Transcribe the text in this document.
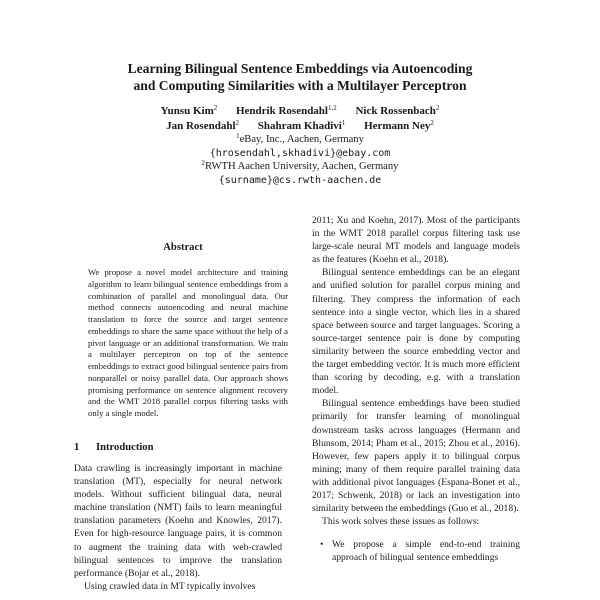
Learning Bilingual Sentence Embeddings via Autoencoding
and Computing Similarities with a Multilayer Perceptron
Yunsu Kim$^2$ Hendrik Rosendahl$^{1,2}$ Nick Rossenbach$^2$
Jan Rosendahl$^2$ Shahram Khadivi$^1$ Hermann Ney$^2$
$^1$eBay, Inc., Aachen, Germany
{hrosendahl,skhadivi}@ebay.com
$^2$RWTH Aachen University, Aachen, Germany
{surname}@cs.rwth-aachen.de
Abstract
We propose a novel model architecture and training algorithm to learn bilingual sentence embeddings from a combination of parallel and monolingual data. Our method connects autoencoding and neural machine translation to force the source and target sentence embeddings to share the same space without the help of a pivot language or an additional transformation. We train a multilayer perceptron on top of the sentence embeddings to extract good bilingual sentence pairs from nonparallel or noisy parallel data. Our approach shows promising performance on sentence alignment recovery and the WMT 2018 parallel corpus filtering tasks with only a single model.
1 Introduction

Data crawling is increasingly important in machine translation (MT), especially for neural network models. Without sufficient bilingual data, neural machine translation (NMT) fails to learn meaningful translation parameters (Koehn and Knowles, 2017). Even for high-resource language pairs, it is common to augment the training data with web-crawled bilingual sentences to improve the translation performance (Bojar et al., 2018).

Using crawled data in MT typically involves

2011; Xu and Koehn, 2017). Most of the participants in the WMT 2018 parallel corpus filtering task use large-scale neural MT models and language models as the features (Koehn et al., 2018).

Bilingual sentence embeddings can be an elegant and unified solution for parallel corpus mining and filtering. They compress the information of each sentence into a single vector, which lies in a shared space between source and target languages. Scoring a source-target sentence pair is done by computing similarity between the source embedding vector and the target embedding vector. It is much more efficient than scoring by decoding, e.g. with a translation model.

Bilingual sentence embeddings have been studied primarily for transfer learning of monolingual downstream tasks across languages (Hermann and Blunsom, 2014; Pham et al., 2015; Zhou et al., 2016). However, few papers apply it to bilingual corpus mining; many of them require parallel training data with additional pivot languages (Espana-Bonet et al., 2017; Schwenk, 2018) or lack an investigation into similarity between the embeddings (Guo et al., 2018).

This work solves these issues as follows:

• We propose a simple end-to-end training approach of bilingual sentence embeddings
